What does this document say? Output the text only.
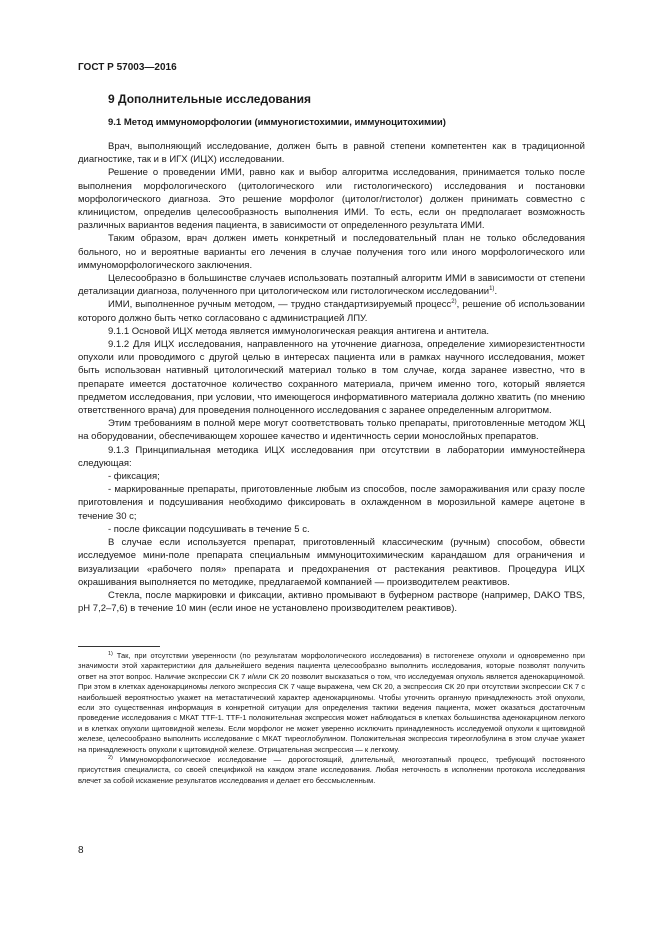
ГОСТ Р 57003—2016
9 Дополнительные исследования
9.1 Метод иммуноморфологии (иммуногистохимии, иммуноцитохимии)

Врач, выполняющий исследование, должен быть в равной степени компетентен как в традиционной диагностике, так и в ИГХ (ИЦХ) исследовании.

Решение о проведении ИМИ, равно как и выбор алгоритма исследования, принимается только после выполнения морфологического (цитологического или гистологического) исследования и постановки морфологического диагноза. Это решение морфолог (цитолог/гистолог) должен принимать совместно с клиницистом, определив целесообразность выполнения ИМИ. То есть, если он предполагает возможность различных вариантов ведения пациента, в зависимости от определенного результата ИМИ.

Таким образом, врач должен иметь конкретный и последовательный план не только обследования больного, но и вероятные варианты его лечения в случае получения того или иного морфологического или иммуноморфологического заключения.

Целесообразно в большинстве случаев использовать поэтапный алгоритм ИМИ в зависимости от степени детализации диагноза, полученного при цитологическом или гистологическом исследовании$^{1)}$.

ИМИ, выполненное ручным методом, — трудно стандартизируемый процесс$^{2)}$, решение об использовании которого должно быть четко согласовано с администрацией ЛПУ.

9.1.1 Основой ИЦХ метода является иммунологическая реакция антигена и антитела.

9.1.2 Для ИЦХ исследования, направленного на уточнение диагноза, определение химиорезистентности опухоли или проводимого с другой целью в интересах пациента или в рамках научного исследования, может быть использован нативный цитологический материал только в том случае, когда заранее известно, что в препарате имеется достаточное количество сохранного материала, причем именно того, который является предметом исследования, при условии, что имеющегося информативного материала должно хватить (по мнению ответственного врача) для проведения полноценного исследования с заранее определенным алгоритмом.

Этим требованиям в полной мере могут соответствовать только препараты, приготовленные методом ЖЦ на оборудовании, обеспечивающем хорошее качество и идентичность серии монослойных препаратов.

9.1.3 Принципиальная методика ИЦХ исследования при отсутствии в лаборатории иммуностейнера следующая:

- фиксация;

- маркированные препараты, приготовленные любым из способов, после замораживания или сразу после приготовления и подсушивания необходимо фиксировать в охлажденном в морозильной камере ацетоне в течение 30 с;

- после фиксации подсушивать в течение 5 с.

В случае если используется препарат, приготовленный классическим (ручным) способом, обвести исследуемое мини-поле препарата специальным иммуноцитохимическим карандашом для ограничения и визуализации «рабочего поля» препарата и предохранения от растекания реактивов. Процедура ИЦХ окрашивания выполняется по методике, предлагаемой компанией — производителем реактивов.

Стекла, после маркировки и фиксации, активно промывают в буферном растворе (например, DAKO TBS, pH 7,2–7,6) в течение 10 мин (если иное не установлено производителем реактивов).

$^{1)}$ Так, при отсутствии уверенности (по результатам морфологического исследования) в гистогенезе опухоли и одновременно при значимости этой характеристики для дальнейшего ведения пациента целесообразно выполнить исследования, которые позволят получить ответ на этот вопрос. Наличие экспрессии СК 7 и/или СК 20 позволит высказаться о том, что исследуемая опухоль является аденокарциномой. При этом в клетках аденокарциномы легкого экспрессия СК 7 чаще выражена, чем СК 20, а экспрессия СК 20 при отсутствии экспрессии СК 7 с наибольшей вероятностью укажет на метастатический характер аденокарциномы. Чтобы уточнить органную принадлежность этой опухоли, если это существенная информация в конкретной ситуации для определения тактики ведения пациента, может оказаться достаточным проведение исследования с МКАТ TTF-1. TTF-1 положительная экспрессия может наблюдаться в клетках большинства аденокарцином легкого и в клетках опухоли щитовидной железы. Если морфолог не может уверенно исключить принадлежность исследуемой опухоли к щитовидной железе, целесообразно выполнить исследование с МКАТ тиреоглобулином. Положительная экспрессия тиреоглобулина в этом случае укажет на принадлежность опухоли к щитовидной железе. Отрицательная экспрессия — к легкому.

$^{2)}$ Иммуноморфологическое исследование — дорогостоящий, длительный, многоэтапный процесс, требующий постоянного присутствия специалиста, со своей спецификой на каждом этапе исследования. Любая неточность в исполнении протокола исследования влечет за собой искажение результатов исследования и делает его бессмысленным.

8
